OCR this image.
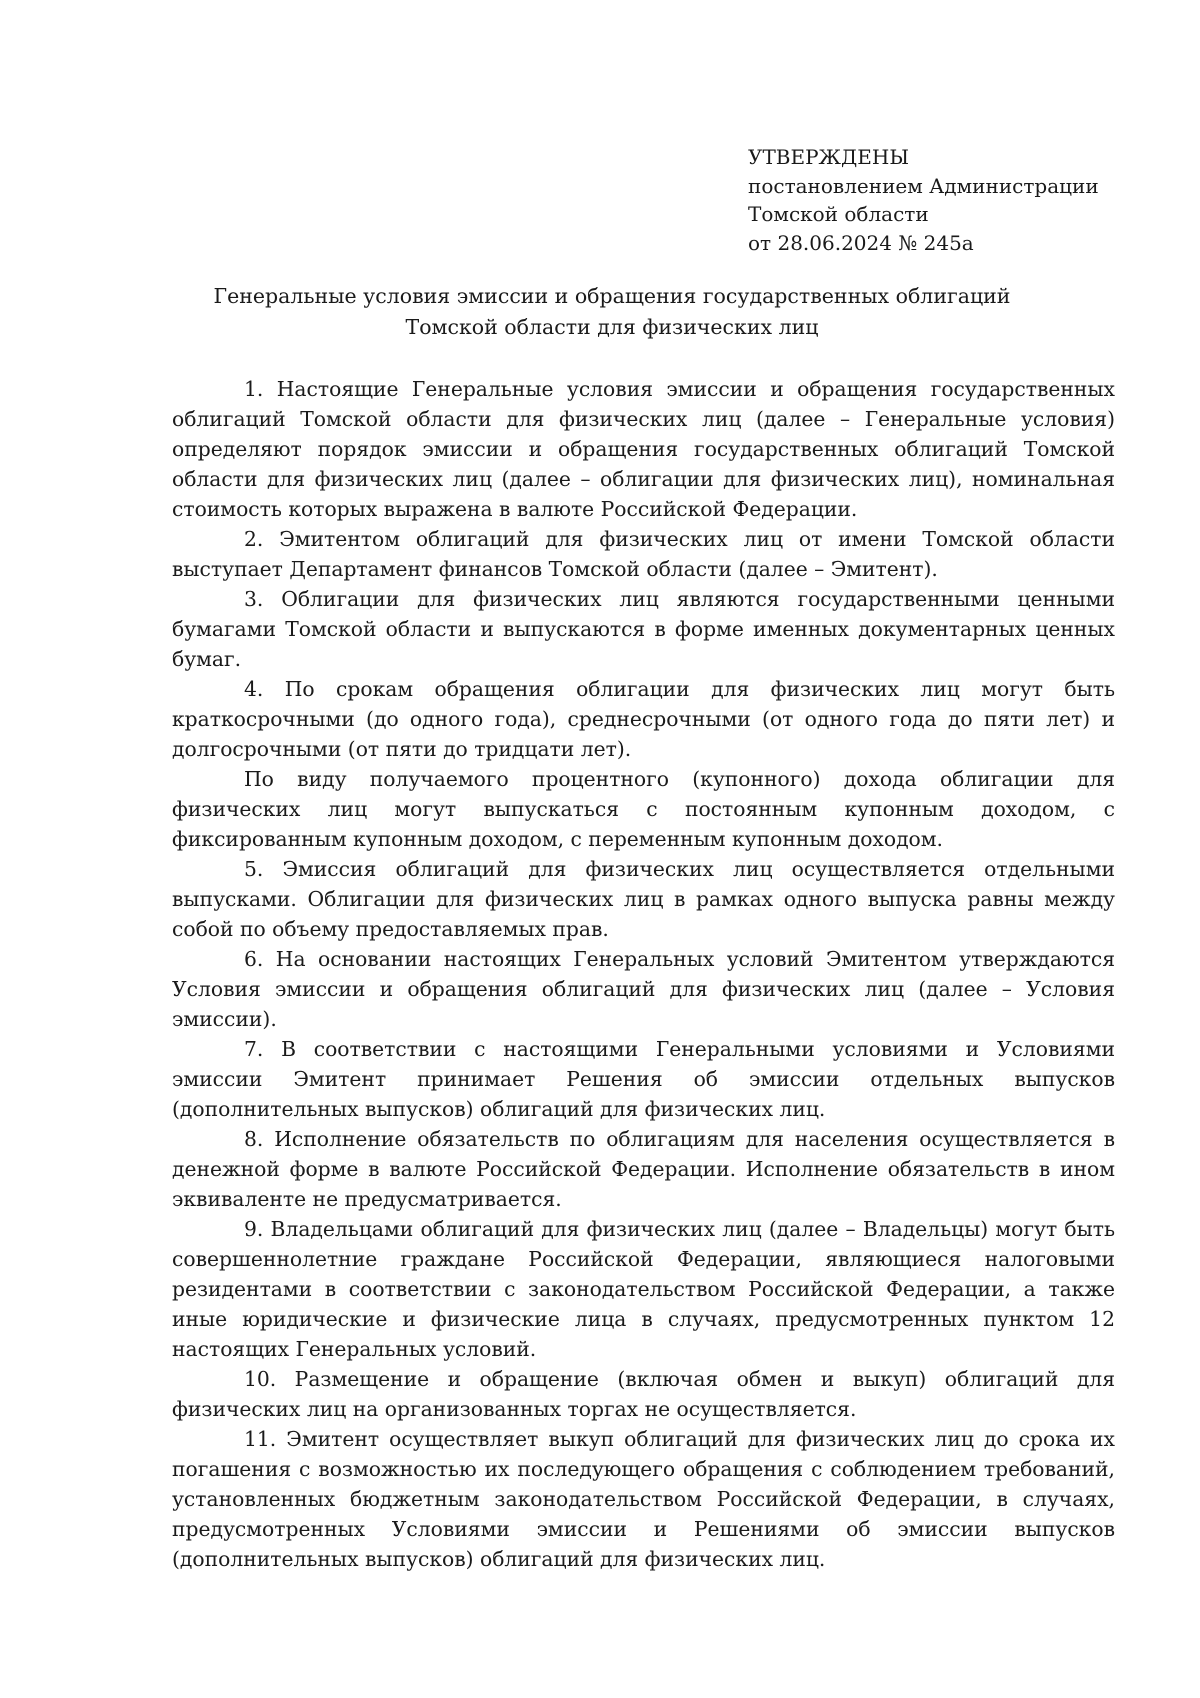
УТВЕРЖДЕНЫ
постановлением Администрации
Томской области
от 28.06.2024 № 245а
Генеральные условия эмиссии и обращения государственных облигаций
Томской области для физических лиц

1. Настоящие Генеральные условия эмиссии и обращения государственных облигаций Томской области для физических лиц (далее – Генеральные условия) определяют порядок эмиссии и обращения государственных облигаций Томской области для физических лиц (далее – облигации для физических лиц), номинальная стоимость которых выражена в валюте Российской Федерации.

2. Эмитентом облигаций для физических лиц от имени Томской области выступает Департамент финансов Томской области (далее – Эмитент).

3. Облигации для физических лиц являются государственными ценными бумагами Томской области и выпускаются в форме именных документарных ценных бумаг.

4. По срокам обращения облигации для физических лиц могут быть краткосрочными (до одного года), среднесрочными (от одного года до пяти лет) и долгосрочными (от пяти до тридцати лет).

По виду получаемого процентного (купонного) дохода облигации для физических лиц могут выпускаться с постоянным купонным доходом, с фиксированным купонным доходом, с переменным купонным доходом.

5. Эмиссия облигаций для физических лиц осуществляется отдельными выпусками. Облигации для физических лиц в рамках одного выпуска равны между собой по объему предоставляемых прав.

6. На основании настоящих Генеральных условий Эмитентом утверждаются Условия эмиссии и обращения облигаций для физических лиц (далее – Условия эмиссии).

7. В соответствии с настоящими Генеральными условиями и Условиями эмиссии Эмитент принимает Решения об эмиссии отдельных выпусков (дополнительных выпусков) облигаций для физических лиц.

8. Исполнение обязательств по облигациям для населения осуществляется в денежной форме в валюте Российской Федерации. Исполнение обязательств в ином эквиваленте не предусматривается.

9. Владельцами облигаций для физических лиц (далее – Владельцы) могут быть совершеннолетние граждане Российской Федерации, являющиеся налоговыми резидентами в соответствии с законодательством Российской Федерации, а также иные юридические и физические лица в случаях, предусмотренных пунктом 12 настоящих Генеральных условий.

10. Размещение и обращение (включая обмен и выкуп) облигаций для физических лиц на организованных торгах не осуществляется.

11. Эмитент осуществляет выкуп облигаций для физических лиц до срока их погашения с возможностью их последующего обращения с соблюдением требований, установленных бюджетным законодательством Российской Федерации, в случаях, предусмотренных Условиями эмиссии и Решениями об эмиссии выпусков (дополнительных выпусков) облигаций для физических лиц.
